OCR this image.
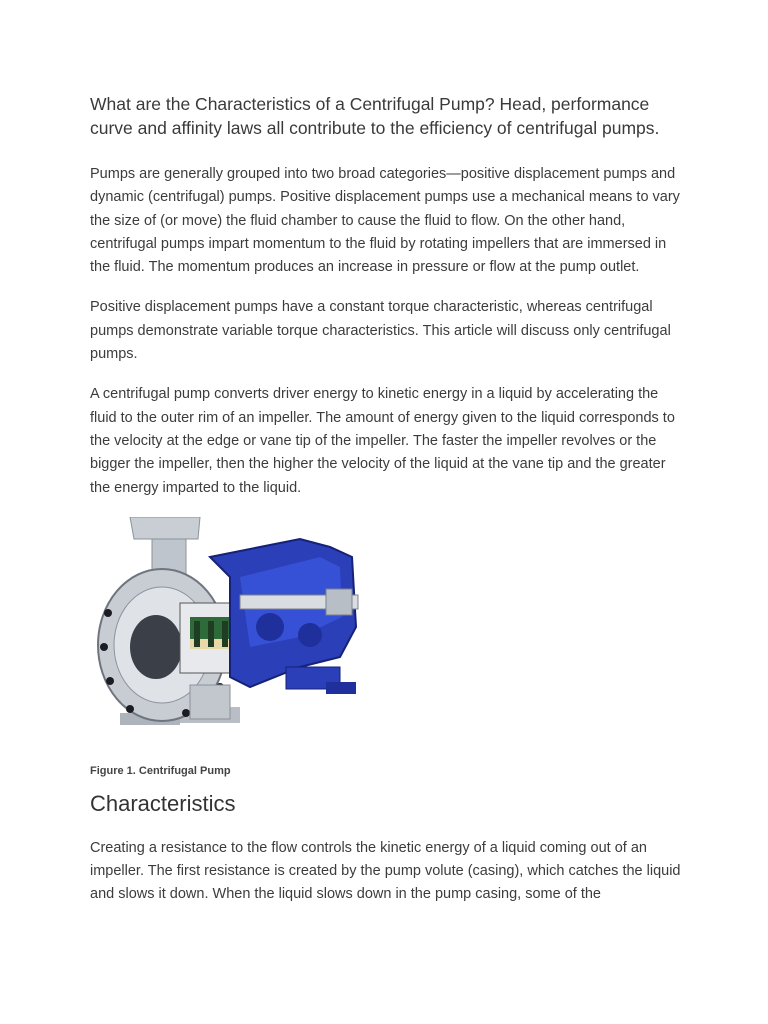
What are the Characteristics of a Centrifugal Pump? Head, performance curve and affinity laws all contribute to the efficiency of centrifugal pumps.

Pumps are generally grouped into two broad categories—positive displacement pumps and dynamic (centrifugal) pumps. Positive displacement pumps use a mechanical means to vary the size of (or move) the fluid chamber to cause the fluid to flow. On the other hand, centrifugal pumps impart momentum to the fluid by rotating impellers that are immersed in the fluid. The momentum produces an increase in pressure or flow at the pump outlet.

Positive displacement pumps have a constant torque characteristic, whereas centrifugal pumps demonstrate variable torque characteristics. This article will discuss only centrifugal pumps.

A centrifugal pump converts driver energy to kinetic energy in a liquid by accelerating the fluid to the outer rim of an impeller. The amount of energy given to the liquid corresponds to the velocity at the edge or vane tip of the impeller. The faster the impeller revolves or the bigger the impeller, then the higher the velocity of the liquid at the vane tip and the greater the energy imparted to the liquid.

Figure 1. Centrifugal Pump

Characteristics

Creating a resistance to the flow controls the kinetic energy of a liquid coming out of an impeller. The first resistance is created by the pump volute (casing), which catches the liquid and slows it down. When the liquid slows down in the pump casing, some of the
